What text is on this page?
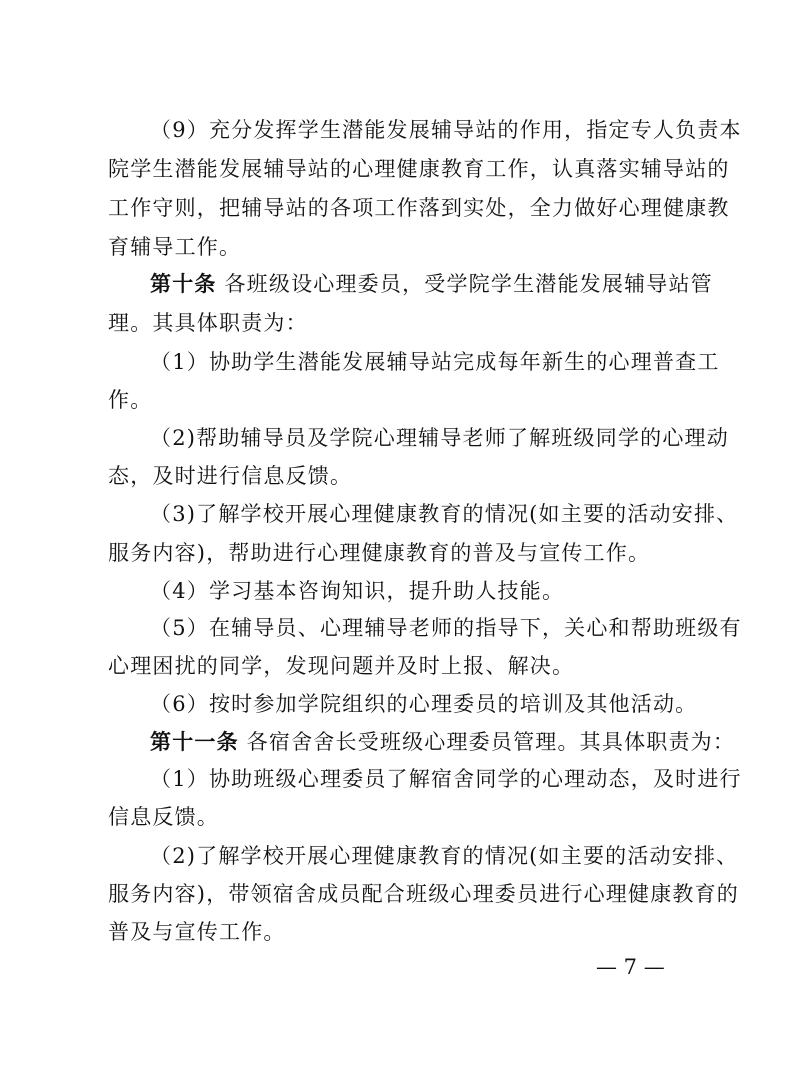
（9）充分发挥学生潜能发展辅导站的作用，指定专人负责本
院学生潜能发展辅导站的心理健康教育工作，认真落实辅导站的
工作守则，把辅导站的各项工作落到实处，全力做好心理健康教
育辅导工作。
第十条 各班级设心理委员，受学院学生潜能发展辅导站管
理。其具体职责为：
（1）协助学生潜能发展辅导站完成每年新生的心理普查工
作。
（2)帮助辅导员及学院心理辅导老师了解班级同学的心理动
态，及时进行信息反馈。
（3)了解学校开展心理健康教育的情况(如主要的活动安排、
服务内容)，帮助进行心理健康教育的普及与宣传工作。
（4）学习基本咨询知识，提升助人技能。
（5）在辅导员、心理辅导老师的指导下，关心和帮助班级有
心理困扰的同学，发现问题并及时上报、解决。
（6）按时参加学院组织的心理委员的培训及其他活动。
第十一条 各宿舍舍长受班级心理委员管理。其具体职责为：
（1）协助班级心理委员了解宿舍同学的心理动态，及时进行
信息反馈。
（2)了解学校开展心理健康教育的情况(如主要的活动安排、
服务内容)，带领宿舍成员配合班级心理委员进行心理健康教育的
普及与宣传工作。
— 7 —
